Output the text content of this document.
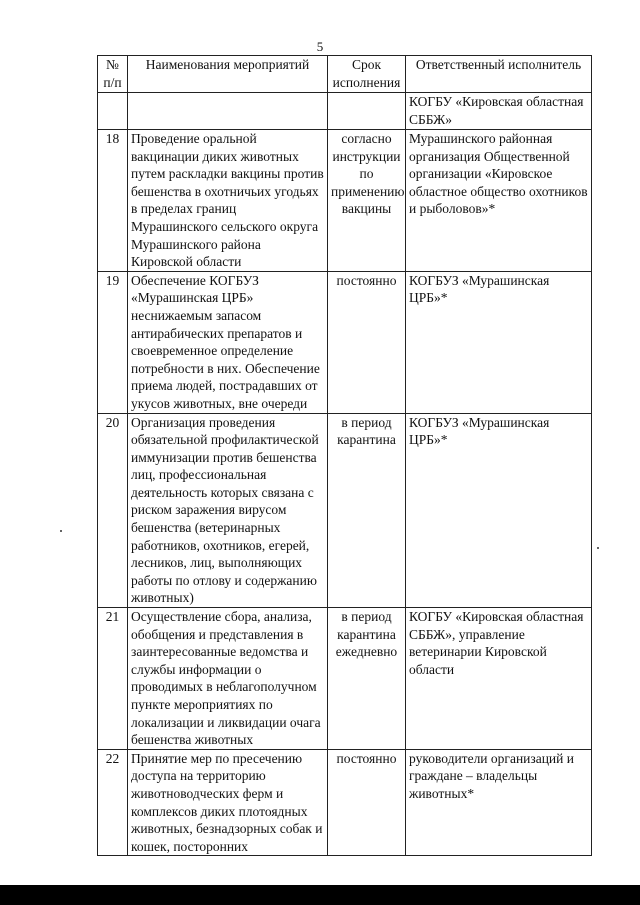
5
№ п/п	Наименования мероприятий	Срок исполнения	Ответственный исполнитель
			КОГБУ «Кировская областная СББЖ»
18	Проведение оральной вакцинации диких животных путем раскладки вакцины против бешенства в охотничьих угодьях в пределах границ Мурашинского сельского округа Мурашинского района Кировской области	согласно инструкции по применению вакцины	Мурашинского районная организация Общественной организации «Кировское областное общество охотников и рыболовов»*
19	Обеспечение КОГБУЗ «Мурашинская ЦРБ» неснижаемым запасом антирабических препаратов и своевременное определение потребности в них. Обеспечение приема людей, пострадавших от укусов животных, вне очереди	постоянно	КОГБУЗ «Мурашинская ЦРБ»*
20	Организация проведения обязательной профилактической иммунизации против бешенства лиц, профессиональная деятельность которых связана с риском заражения вирусом бешенства (ветеринарных работников, охотников, егерей, лесников, лиц, выполняющих работы по отлову и содержанию животных)	в период карантина	КОГБУЗ «Мурашинская ЦРБ»*
21	Осуществление сбора, анализа, обобщения и представления в заинтересованные ведомства и службы информации о проводимых в неблагополучном пункте мероприятиях по локализации и ликвидации очага бешенства животных	в период карантина ежедневно	КОГБУ «Кировская областная СББЖ», управление ветеринарии Кировской области
22	Принятие мер по пресечению доступа на территорию животноводческих ферм и комплексов диких плотоядных животных, безнадзорных собак и кошек, посторонних	постоянно	руководители организаций и граждане – владельцы животных*
